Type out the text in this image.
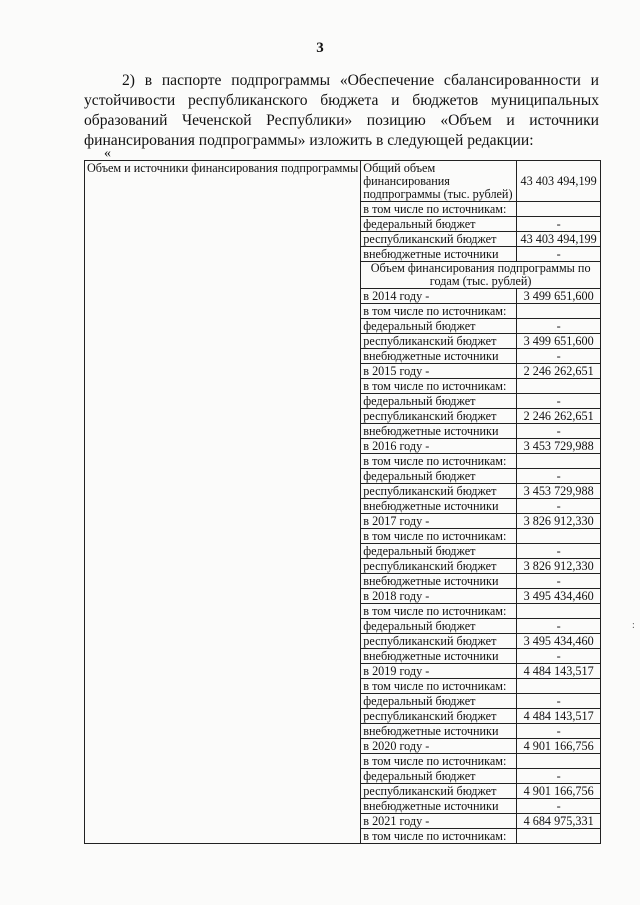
3

2) в паспорте подпрограммы «Обеспечение сбалансированности и устойчивости республиканского бюджета и бюджетов муниципальных образований Чеченской Республики» позицию «Объем и источники финансирования подпрограммы» изложить в следующей редакции:

«
Объем и источники финансирования подпрограммы	Общий объем финансирования подпрограммы (тыс. рублей)	43 403 494,199
	в том числе по источникам:	
	федеральный бюджет	-
	республиканский бюджет	43 403 494,199
	внебюджетные источники	-
	Объем финансирования подпрограммы по годам (тыс. рублей)	
	в 2014 году -	3 499 651,600
	в том числе по источникам:	
	федеральный бюджет	-
	республиканский бюджет	3 499 651,600
	внебюджетные источники	-
	в 2015 году -	2 246 262,651
	в том числе по источникам:	
	федеральный бюджет	-
	республиканский бюджет	2 246 262,651
	внебюджетные источники	-
	в 2016 году -	3 453 729,988
	в том числе по источникам:	
	федеральный бюджет	-
	республиканский бюджет	3 453 729,988
	внебюджетные источники	-
	в 2017 году -	3 826 912,330
	в том числе по источникам:	
	федеральный бюджет	-
	республиканский бюджет	3 826 912,330
	внебюджетные источники	-
	в 2018 году -	3 495 434,460
	в том числе по источникам:	
	федеральный бюджет	-
	республиканский бюджет	3 495 434,460
	внебюджетные источники	-
	в 2019 году -	4 484 143,517
	в том числе по источникам:	
	федеральный бюджет	-
	республиканский бюджет	4 484 143,517
	внебюджетные источники	-
	в 2020 году -	4 901 166,756
	в том числе по источникам:	
	федеральный бюджет	-
	республиканский бюджет	4 901 166,756
	внебюджетные источники	-
	в 2021 году -	4 684 975,331
	в том числе по источникам:	
:
